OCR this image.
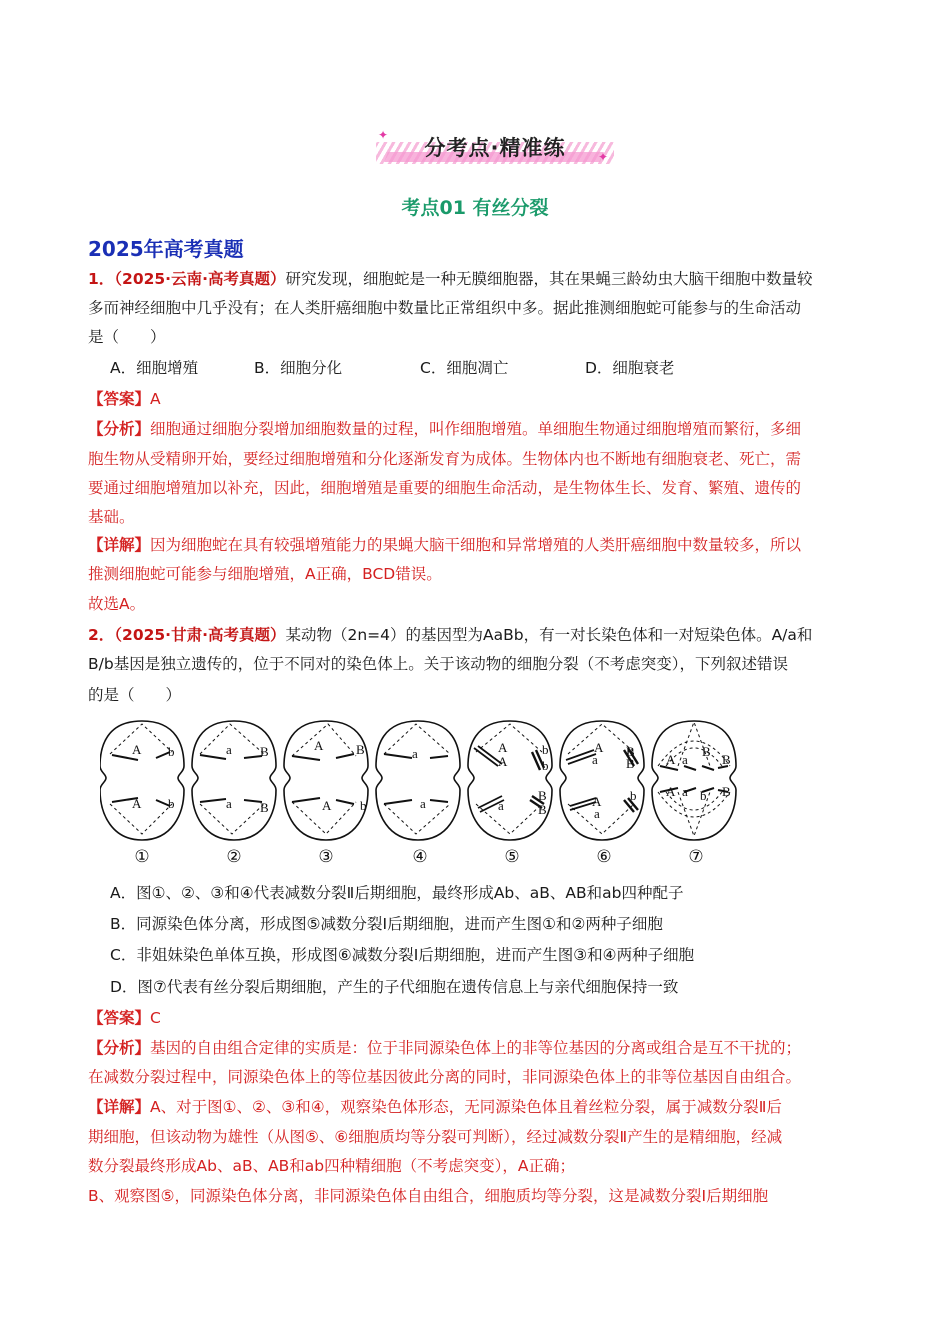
✦
✦
分考点·精准练
考点01 有丝分裂
2025年高考真题
1．（2025·云南·高考真题）研究发现，细胞蛇是一种无膜细胞器，其在果蝇三龄幼虫大脑干细胞中数量较
多而神经细胞中几乎没有；在人类肝癌细胞中数量比正常组织中多。据此推测细胞蛇可能参与的生命活动
是（　　）
A．细胞增殖	B．细胞分化	C．细胞凋亡	D．细胞衰老
【答案】A
【分析】细胞通过细胞分裂增加细胞数量的过程，叫作细胞增殖。单细胞生物通过细胞增殖而繁衍，多细
胞生物从受精卵开始，要经过细胞增殖和分化逐渐发育为成体。生物体内也不断地有细胞衰老、死亡，需
要通过细胞增殖加以补充，因此，细胞增殖是重要的细胞生命活动，是生物体生长、发育、繁殖、遗传的
基础。
【详解】因为细胞蛇在具有较强增殖能力的果蝇大脑干细胞和异常增殖的人类肝癌细胞中数量较多，所以
推测细胞蛇可能参与细胞增殖，A正确，BCD错误。
故选A。
2．（2025·甘肃·高考真题）某动物（2n=4）的基因型为AaBb，有一对长染色体和一对短染色体。A/a和
B/b基因是独立遗传的，位于不同对的染色体上。关于该动物的细胞分裂（不考虑突变），下列叙述错误
的是（　　）
A b
A b
a B
a B
A	B
A b
a
a
A
A
b
b
a
B
B
A
a
B
B
A
a
b
A a
B
B
A a b B
①	②	③	④	⑤	⑥	⑦
A．图①、②、③和④代表减数分裂Ⅱ后期细胞，最终形成Ab、aB、AB和ab四种配子
B．同源染色体分离，形成图⑤减数分裂Ⅰ后期细胞，进而产生图①和②两种子细胞
C．非姐妹染色单体互换，形成图⑥减数分裂Ⅰ后期细胞，进而产生图③和④两种子细胞
D．图⑦代表有丝分裂后期细胞，产生的子代细胞在遗传信息上与亲代细胞保持一致
【答案】C
【分析】基因的自由组合定律的实质是：位于非同源染色体上的非等位基因的分离或组合是互不干扰的；
在减数分裂过程中，同源染色体上的等位基因彼此分离的同时，非同源染色体上的非等位基因自由组合。
【详解】A、对于图①、②、③和④，观察染色体形态，无同源染色体且着丝粒分裂，属于减数分裂Ⅱ后
期细胞，但该动物为雄性（从图⑤、⑥细胞质均等分裂可判断），经过减数分裂Ⅱ产生的是精细胞，经减
数分裂最终形成Ab、aB、AB和ab四种精细胞（不考虑突变），A正确；
B、观察图⑤，同源染色体分离，非同源染色体自由组合，细胞质均等分裂，这是减数分裂Ⅰ后期细胞
